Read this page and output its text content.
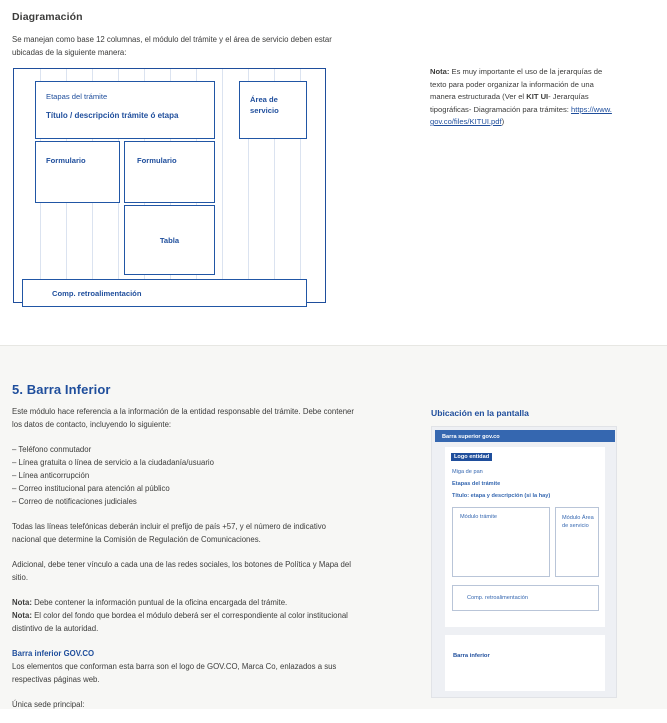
Diagramación

Se manejan como base 12 columnas, el módulo del trámite y el área de servicio deben estar ubicadas de la siguiente manera:

Etapas del trámite
Título / descripción trámite ó etapa
Área de servicio
Formulario	Formulario
Tabla
Comp. retroalimentación
Nota: Es muy importante el uso de la jerarquías de texto para poder organizar la información de una manera estructurada (Ver el KIT UI- Jerarquías tipográficas- Diagramación para trámites: https://www.gov.co/files/KITUI.pdf)
5. Barra Inferior

Este módulo hace referencia a la información de la entidad responsable del trámite. Debe contener los datos de contacto, incluyendo lo siguiente:

– Teléfono conmutador
– Línea gratuita o línea de servicio a la ciudadanía/usuario
– Línea anticorrupción
– Correo institucional para atención al público
– Correo de notificaciones judiciales

Todas las líneas telefónicas deberán incluir el prefijo de país +57, y el número de indicativo nacional que determine la Comisión de Regulación de Comunicaciones.

Adicional, debe tener vínculo a cada una de las redes sociales, los botones de Política y Mapa del sitio.

Nota: Debe contener la información puntual de la oficina encargada del trámite.
Nota: El color del fondo que bordea el módulo deberá ser el correspondiente al color institucional distintivo de la autoridad.

Barra inferior GOV.CO
Los elementos que conforman esta barra son el logo de GOV.CO, Marca Co, enlazados a sus respectivas páginas web.

Única sede principal:

Ubicación en la pantalla
Barra superior gov.co
Logo entidad
Miga de pan
Etapas del trámite
Título: etapa y descripción (si la hay)
Módulo trámite	Módulo Área de servicio
Comp. retroalimentación
Barra inferior
